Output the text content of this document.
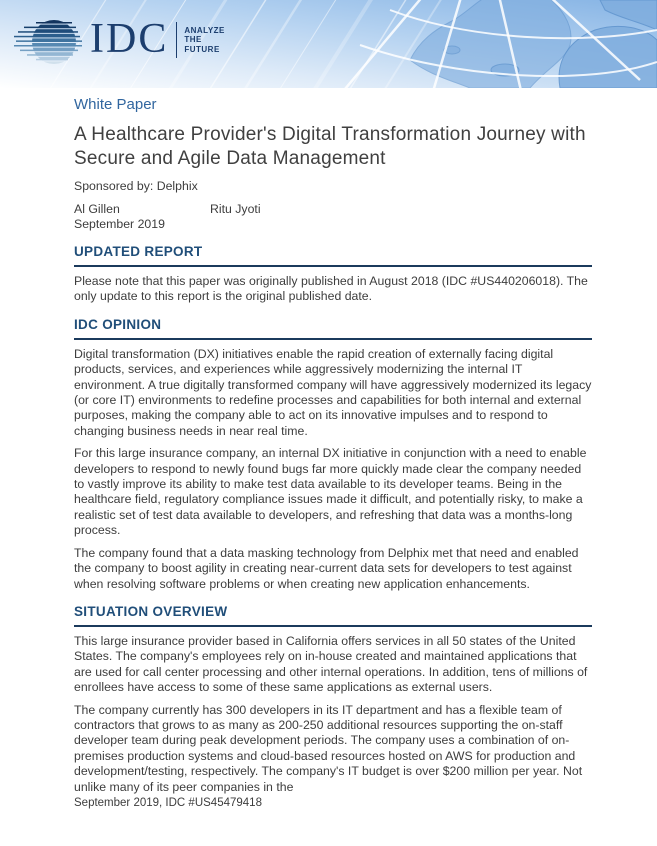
IDC ANALYZE
THE
FUTURE
White Paper
A Healthcare Provider's Digital Transformation Journey with Secure and Agile Data Management

Sponsored by: Delphix

Al Gillen	Ritu Jyoti
September 2019
UPDATED REPORT

Please note that this paper was originally published in August 2018 (IDC #US440206018). The only update to this report is the original published date.

IDC OPINION

Digital transformation (DX) initiatives enable the rapid creation of externally facing digital products, services, and experiences while aggressively modernizing the internal IT environment. A true digitally transformed company will have aggressively modernized its legacy (or core IT) environments to redefine processes and capabilities for both internal and external purposes, making the company able to act on its innovative impulses and to respond to changing business needs in near real time.

For this large insurance company, an internal DX initiative in conjunction with a need to enable developers to respond to newly found bugs far more quickly made clear the company needed to vastly improve its ability to make test data available to its developer teams. Being in the healthcare field, regulatory compliance issues made it difficult, and potentially risky, to make a realistic set of test data available to developers, and refreshing that data was a months-long process.

The company found that a data masking technology from Delphix met that need and enabled the company to boost agility in creating near-current data sets for developers to test against when resolving software problems or when creating new application enhancements.

SITUATION OVERVIEW

This large insurance provider based in California offers services in all 50 states of the United States. The company's employees rely on in-house created and maintained applications that are used for call center processing and other internal operations. In addition, tens of millions of enrollees have access to some of these same applications as external users.

The company currently has 300 developers in its IT department and has a flexible team of contractors that grows to as many as 200-250 additional resources supporting the on-staff developer team during peak development periods. The company uses a combination of on-premises production systems and cloud-based resources hosted on AWS for production and development/testing, respectively. The company's IT budget is over $200 million per year. Not unlike many of its peer companies in the

September 2019, IDC #US45479418
